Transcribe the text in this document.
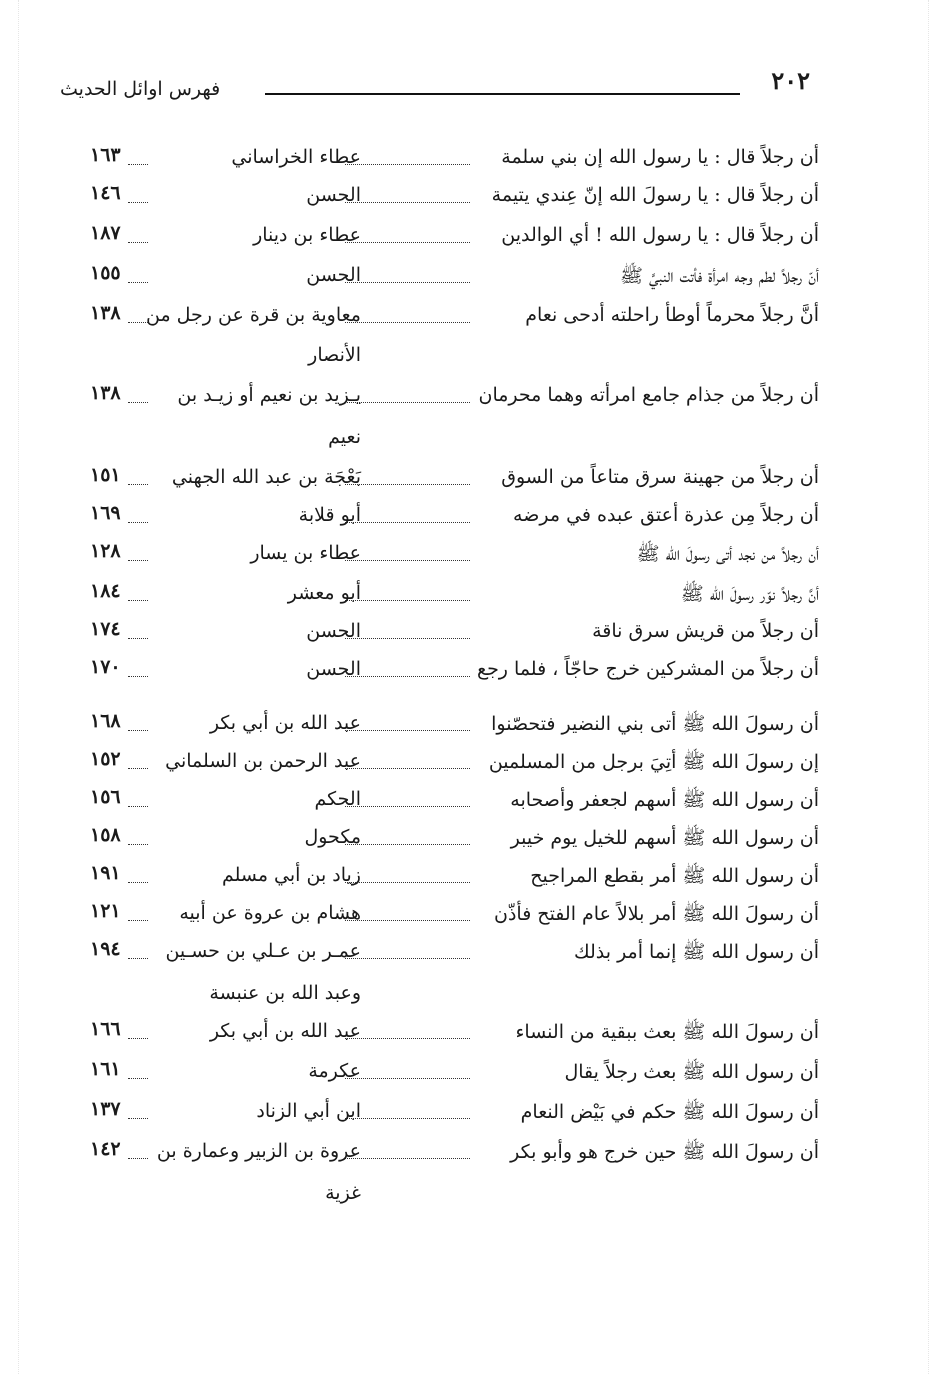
٢٠٢
فهرس اوائل الحديث
أن رجلاً قال : يا رسول الله إن بني سلمة
عطاء الخراساني
١٦٣
أن رجلاً قال : يا رسولَ الله إنّ عِندي يتيمة
الحسن
١٤٦
أن رجلاً قال : يا رسول الله ! أي الوالدين
عطاء بن دينار
١٨٧
أنّ رجلاً لطم وجه امرأة فأتت النبيَّ ﷺ
الحسن
١٥٥
أنَّ رجلاً محرماً أوطأ راحلته أدحى نعام
معاوية بن قرة عن رجل من
١٣٨
الأنصار
أن رجلاً من جذام جامع امرأته وهما محرمان
يـزيد بن نعيم أو زيـد بن
١٣٨
نعيم
أن رجلاً من جهينة سرق متاعاً من السوق
بَعْجَة بن عبد الله الجهني
١٥١
أن رجلاً مِن عذرة أعتق عبده في مرضه
أبو قلابة
١٦٩
أن رجلاً من نجد أتى رسولَ الله ﷺ
عطاء بن يسار
١٢٨
أنَّ رجلاً نوّر رسولَ الله ﷺ
أبو معشر
١٨٤
أن رجلاً من قريش سرق ناقة
الحسن
١٧٤
أن رجلاً من المشركين خرج حاجّاً ، فلما رجع
الحسن
١٧٠
أن رسولَ الله ﷺ أتى بني النضير فتحصّنوا
عبد الله بن أبي بكر
١٦٨
إن رسولَ الله ﷺ أتِيَ برجل من المسلمين
عبد الرحمن بن السلماني
١٥٢
أن رسول الله ﷺ أسهم لجعفر وأصحابه
الحكم
١٥٦
أن رسول الله ﷺ أسهم للخيل يوم خيبر
مكحول
١٥٨
أن رسول الله ﷺ أمر بقطع المراجيح
زياد بن أبي مسلم
١٩١
أن رسولَ الله ﷺ أمر بلالاً عام الفتح فأذّن
هشام بن عروة عن أبيه
١٢١
أن رسول الله ﷺ إنما أمر بذلك
عمـر بن عـلي بن حسـين
١٩٤
وعبد الله بن عنبسة
أن رسولَ الله ﷺ بعث ببقية من النساء
عبد الله بن أبي بكر
١٦٦
أن رسول الله ﷺ بعث رجلاً يقال
عكرمة
١٦١
أن رسولَ الله ﷺ حكم في بَيْض النعام
ابن أبي الزناد
١٣٧
أن رسولَ الله ﷺ حين خرج هو وأبو بكر
عروة بن الزبير وعمارة بن
١٤٢
غزية
